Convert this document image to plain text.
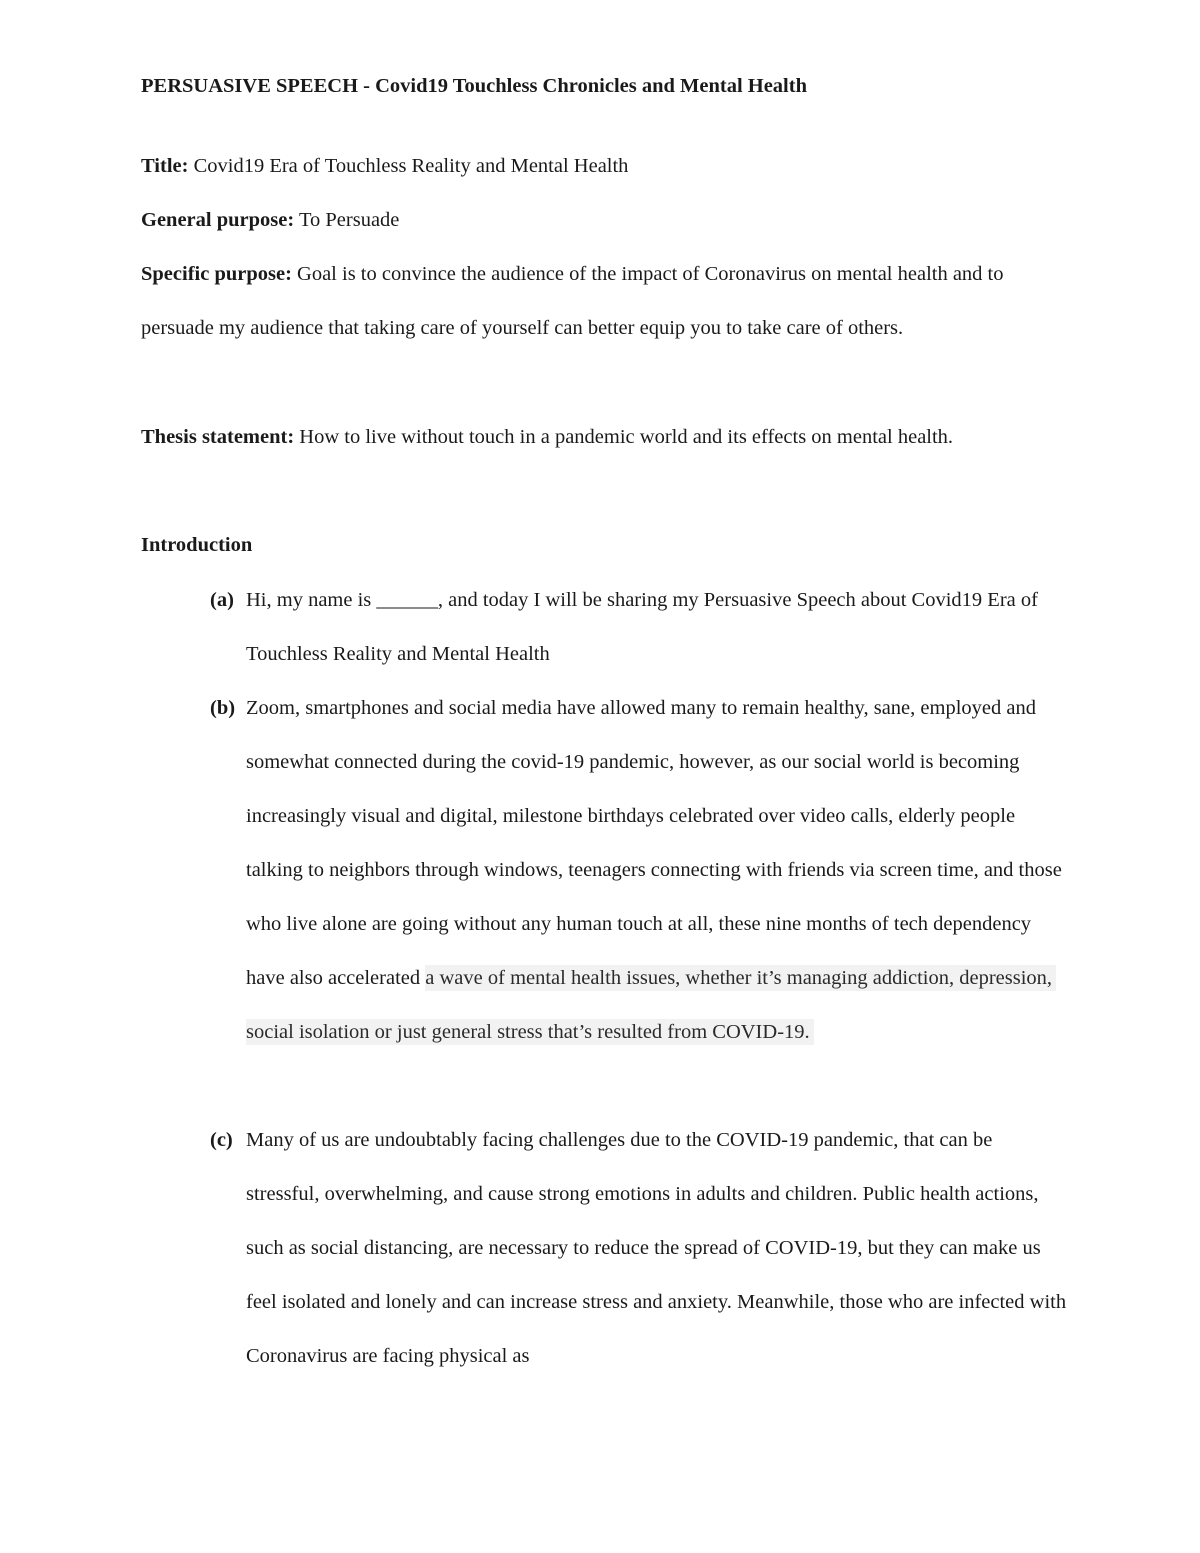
PERSUASIVE SPEECH - Covid19 Touchless Chronicles and Mental Health
Title: Covid19 Era of Touchless Reality and Mental Health
General purpose: To Persuade
Specific purpose: Goal is to convince the audience of the impact of Coronavirus on mental health and to persuade my audience that taking care of yourself can better equip you to take care of others.
Thesis statement: How to live without touch in a pandemic world and its effects on mental health.
Introduction
(a) Hi, my name is ______, and today I will be sharing my Persuasive Speech about Covid19 Era of Touchless Reality and Mental Health
(b) Zoom, smartphones and social media have allowed many to remain healthy, sane, employed and somewhat connected during the covid-19 pandemic, however, as our social world is becoming increasingly visual and digital, milestone birthdays celebrated over video calls, elderly people talking to neighbors through windows, teenagers connecting with friends via screen time, and those who live alone are going without any human touch at all, these nine months of tech dependency have also accelerated a wave of mental health issues, whether it’s managing addiction, depression, social isolation or just general stress that’s resulted from COVID-19.
(c) Many of us are undoubtably facing challenges due to the COVID-19 pandemic, that can be stressful, overwhelming, and cause strong emotions in adults and children. Public health actions, such as social distancing, are necessary to reduce the spread of COVID-19, but they can make us feel isolated and lonely and can increase stress and anxiety. Meanwhile, those who are infected with Coronavirus are facing physical as
